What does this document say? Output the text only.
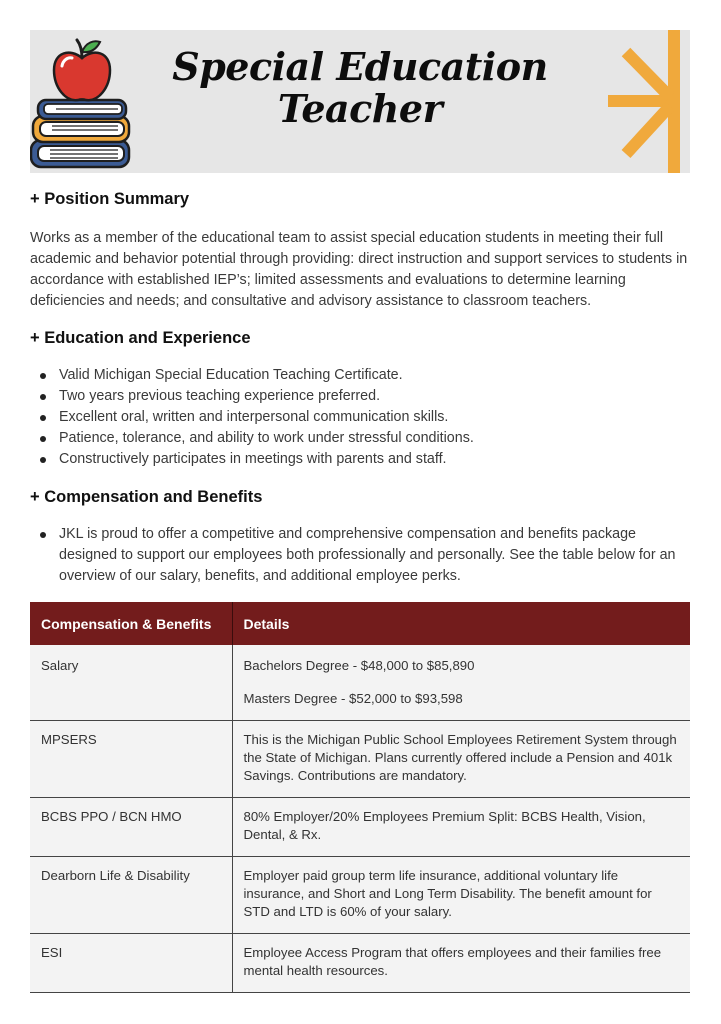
Special Education
Teacher
+ Position Summary

Works as a member of the educational team to assist special education students in meeting their full academic and behavior potential through providing: direct instruction and support services to students in accordance with established IEP’s; limited assessments and evaluations to determine learning deficiencies and needs; and consultative and advisory assistance to classroom teachers.

+ Education and Experience
Valid Michigan Special Education Teaching Certificate.
Two years previous teaching experience preferred.
Excellent oral, written and interpersonal communication skills.
Patience, tolerance, and ability to work under stressful conditions.
Constructively participates in meetings with parents and staff.
+ Compensation and Benefits

JKL is proud to offer a competitive and comprehensive compensation and benefits package designed to support our employees both professionally and personally. See the table below for an overview of our salary, benefits, and additional employee perks.

Compensation & Benefits	Details
Salary	Bachelors Degree - $48,000 to $85,890
Masters Degree - $52,000 to $93,598

MPSERS	This is the Michigan Public School Employees Retirement System through the State of Michigan. Plans currently offered include a Pension and 401k Savings. Contributions are mandatory.
BCBS PPO / BCN HMO	80% Employer/20% Employees Premium Split: BCBS Health, Vision, Dental, & Rx.
Dearborn Life & Disability	Employer paid group term life insurance, additional voluntary life insurance, and Short and Long Term Disability. The benefit amount for STD and LTD is 60% of your salary.
ESI	Employee Access Program that offers employees and their families free mental health resources.
